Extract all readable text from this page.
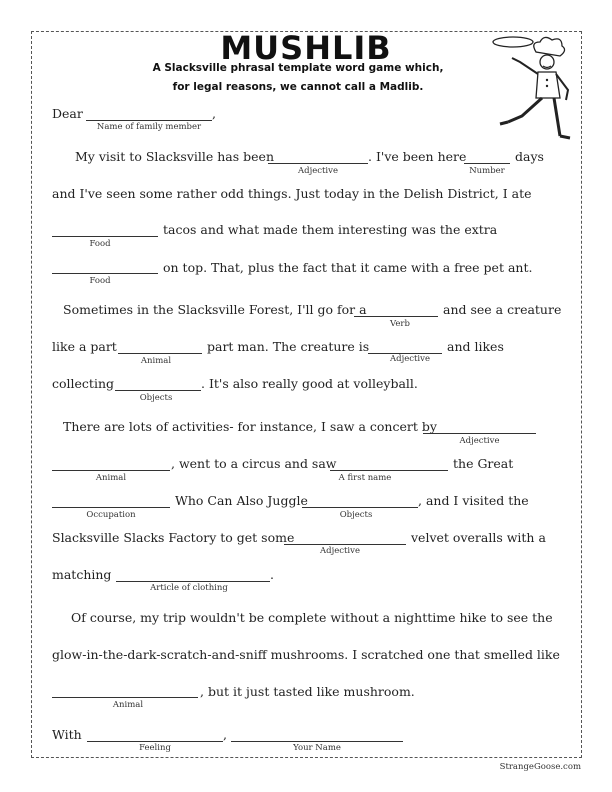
MUSHLIB
A Slacksville phrasal template word game which,
for legal reasons, we cannot call a Madlib.
Dear	,
Name of family member
My visit to Slacksville has been	. I've been here	days
Adjective	Number
and I've seen some rather odd things. Just today in the Delish District, I ate
tacos and what made them interesting was the extra
Food
on top. That, plus the fact that it came with a free pet ant.
Food
Sometimes in the Slacksville Forest, I'll go for a	and see a creature
Verb
like a part	part man. The creature is	and likes
Animal	Adjective
collecting	. It's also really good at volleyball.
Objects
There are lots of activities- for instance, I saw a concert by
Adjective
, went to a circus and saw	the Great
Animal	A first name
Who Can Also Juggle	, and I visited the
Occupation	Objects
Slacksville Slacks Factory to get some	velvet overalls with a
Adjective
matching	.
Article of clothing
Of course, my trip wouldn't be complete without a nighttime hike to see the
glow-in-the-dark-scratch-and-sniff mushrooms. I scratched one that smelled like
, but it just tasted like mushroom.
Animal
With	,
Feeling	Your Name
StrangeGoose.com
